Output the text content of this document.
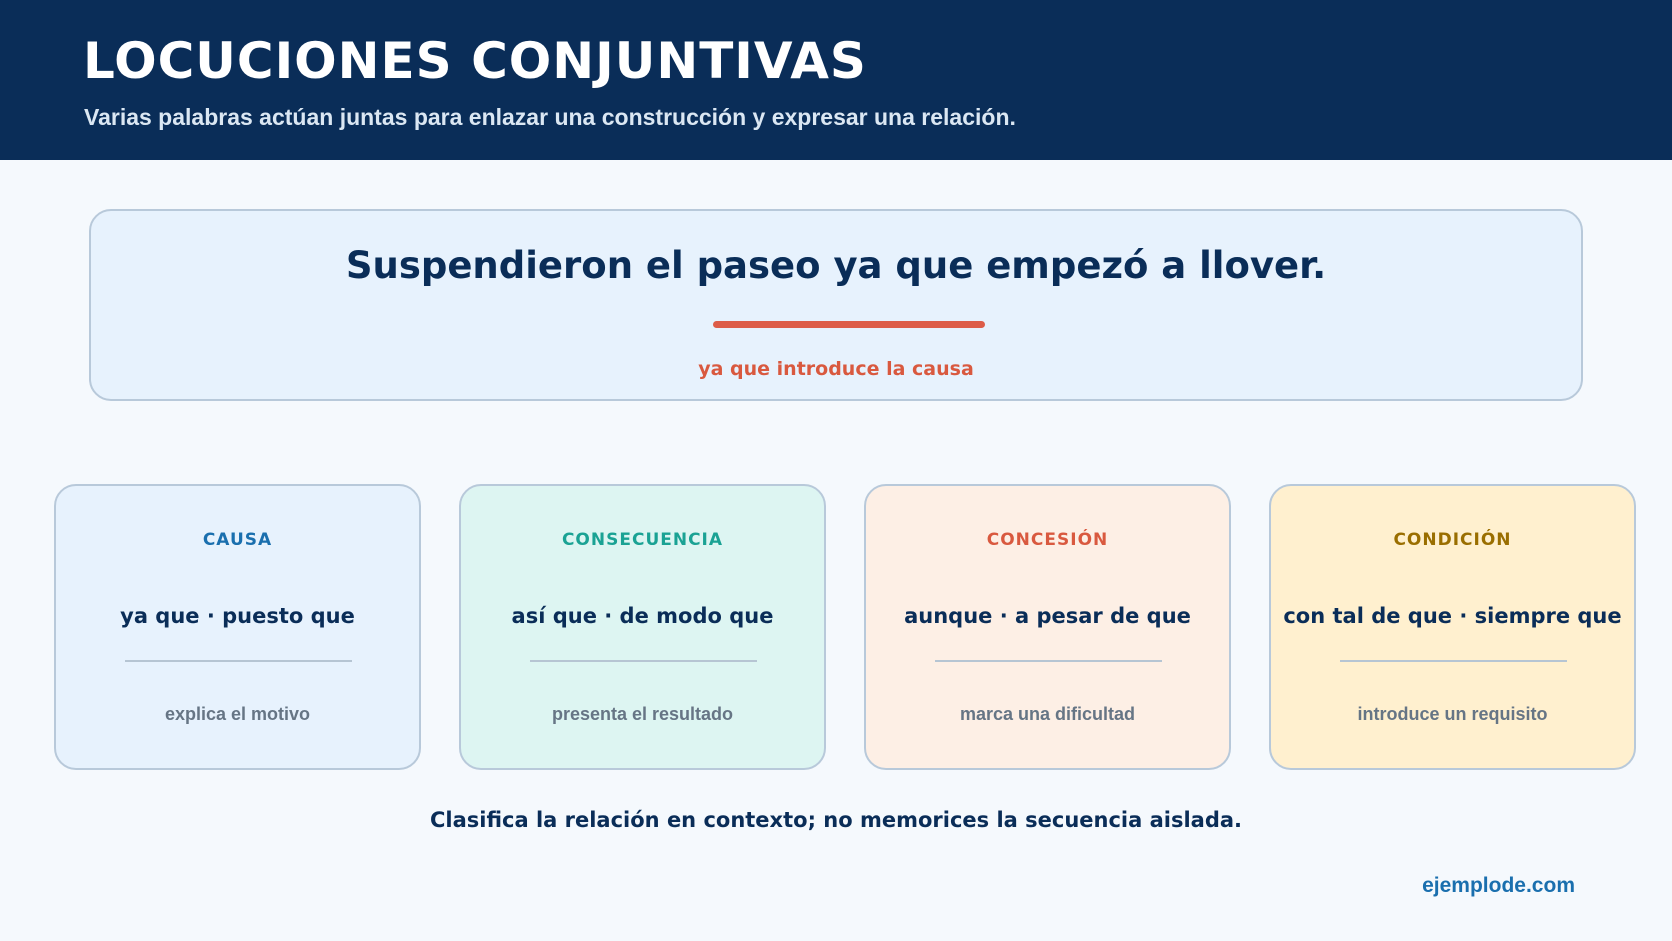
LOCUCIONES CONJUNTIVAS
Varias palabras actúan juntas para enlazar una construcción y expresar una relación.
Suspendieron el paseo ya que empezó a llover.
ya que introduce la causa
CAUSA
ya que · puesto que
explica el motivo
CONSECUENCIA
así que · de modo que
presenta el resultado
CONCESIÓN
aunque · a pesar de que
marca una dificultad
CONDICIÓN
con tal de que · siempre que
introduce un requisito
Clasifica la relación en contexto; no memorices la secuencia aislada.
ejemplode.com
